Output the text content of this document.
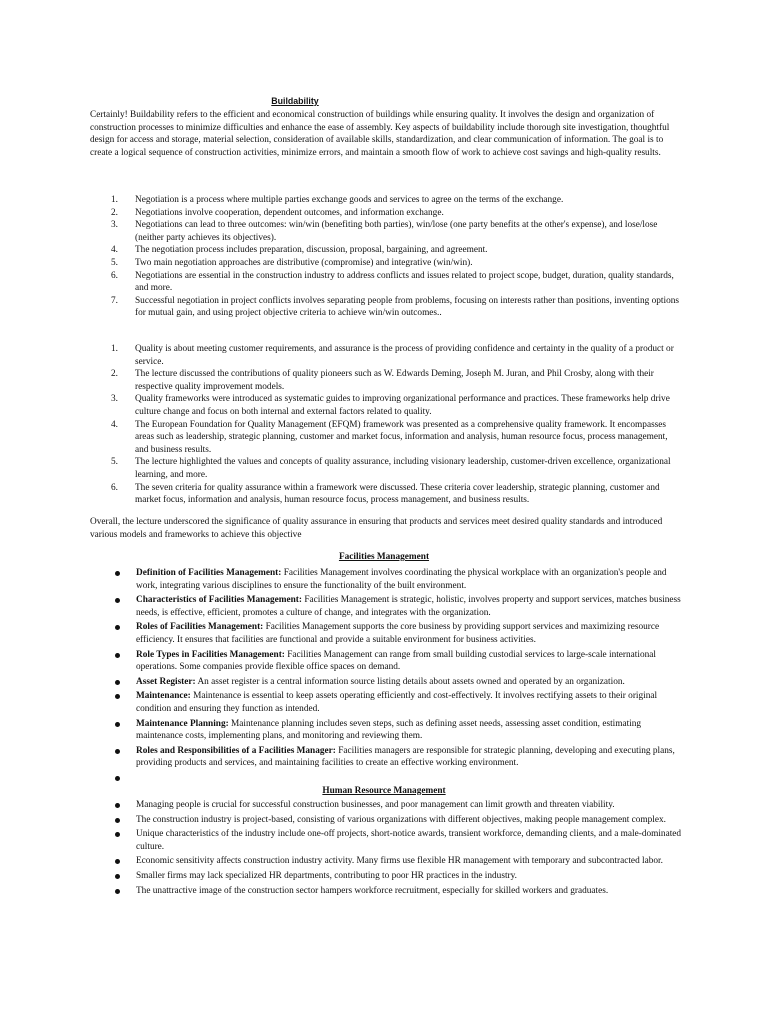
Buildability

Certainly! Buildability refers to the efficient and economical construction of buildings while ensuring quality. It involves the design and organization of construction processes to minimize difficulties and enhance the ease of assembly. Key aspects of buildability include thorough site investigation, thoughtful design for access and storage, material selection, consideration of available skills, standardization, and clear communication of information. The goal is to create a logical sequence of construction activities, minimize errors, and maintain a smooth flow of work to achieve cost savings and high-quality results.

1. Negotiation is a process where multiple parties exchange goods and services to agree on the terms of the exchange.
2. Negotiations involve cooperation, dependent outcomes, and information exchange.
3. Negotiations can lead to three outcomes: win/win (benefiting both parties), win/lose (one party benefits at the other's expense), and lose/lose (neither party achieves its objectives).
4. The negotiation process includes preparation, discussion, proposal, bargaining, and agreement.
5. Two main negotiation approaches are distributive (compromise) and integrative (win/win).
6. Negotiations are essential in the construction industry to address conflicts and issues related to project scope, budget, duration, quality standards, and more.
7. Successful negotiation in project conflicts involves separating people from problems, focusing on interests rather than positions, inventing options for mutual gain, and using project objective criteria to achieve win/win outcomes..
1. Quality is about meeting customer requirements, and assurance is the process of providing confidence and certainty in the quality of a product or service.
2. The lecture discussed the contributions of quality pioneers such as W. Edwards Deming, Joseph M. Juran, and Phil Crosby, along with their respective quality improvement models.
3. Quality frameworks were introduced as systematic guides to improving organizational performance and practices. These frameworks help drive culture change and focus on both internal and external factors related to quality.
4. The European Foundation for Quality Management (EFQM) framework was presented as a comprehensive quality framework. It encompasses areas such as leadership, strategic planning, customer and market focus, information and analysis, human resource focus, process management, and business results.
5. The lecture highlighted the values and concepts of quality assurance, including visionary leadership, customer-driven excellence, organizational learning, and more.
6. The seven criteria for quality assurance within a framework were discussed. These criteria cover leadership, strategic planning, customer and market focus, information and analysis, human resource focus, process management, and business results.

Overall, the lecture underscored the significance of quality assurance in ensuring that products and services meet desired quality standards and introduced various models and frameworks to achieve this objective

Facilities Management
Definition of Facilities Management: Facilities Management involves coordinating the physical workplace with an organization's people and work, integrating various disciplines to ensure the functionality of the built environment.
Characteristics of Facilities Management: Facilities Management is strategic, holistic, involves property and support services, matches business needs, is effective, efficient, promotes a culture of change, and integrates with the organization.
Roles of Facilities Management: Facilities Management supports the core business by providing support services and maximizing resource efficiency. It ensures that facilities are functional and provide a suitable environment for business activities.
Role Types in Facilities Management: Facilities Management can range from small building custodial services to large-scale international operations. Some companies provide flexible office spaces on demand.
Asset Register: An asset register is a central information source listing details about assets owned and operated by an organization.
Maintenance: Maintenance is essential to keep assets operating efficiently and cost-effectively. It involves rectifying assets to their original condition and ensuring they function as intended.
Maintenance Planning: Maintenance planning includes seven steps, such as defining asset needs, assessing asset condition, estimating maintenance costs, implementing plans, and monitoring and reviewing them.
Roles and Responsibilities of a Facilities Manager: Facilities managers are responsible for strategic planning, developing and executing plans, providing products and services, and maintaining facilities to create an effective working environment.
Human Resource Management
Managing people is crucial for successful construction businesses, and poor management can limit growth and threaten viability.
The construction industry is project-based, consisting of various organizations with different objectives, making people management complex.
Unique characteristics of the industry include one-off projects, short-notice awards, transient workforce, demanding clients, and a male-dominated culture.
Economic sensitivity affects construction industry activity. Many firms use flexible HR management with temporary and subcontracted labor.
Smaller firms may lack specialized HR departments, contributing to poor HR practices in the industry.
The unattractive image of the construction sector hampers workforce recruitment, especially for skilled workers and graduates.
